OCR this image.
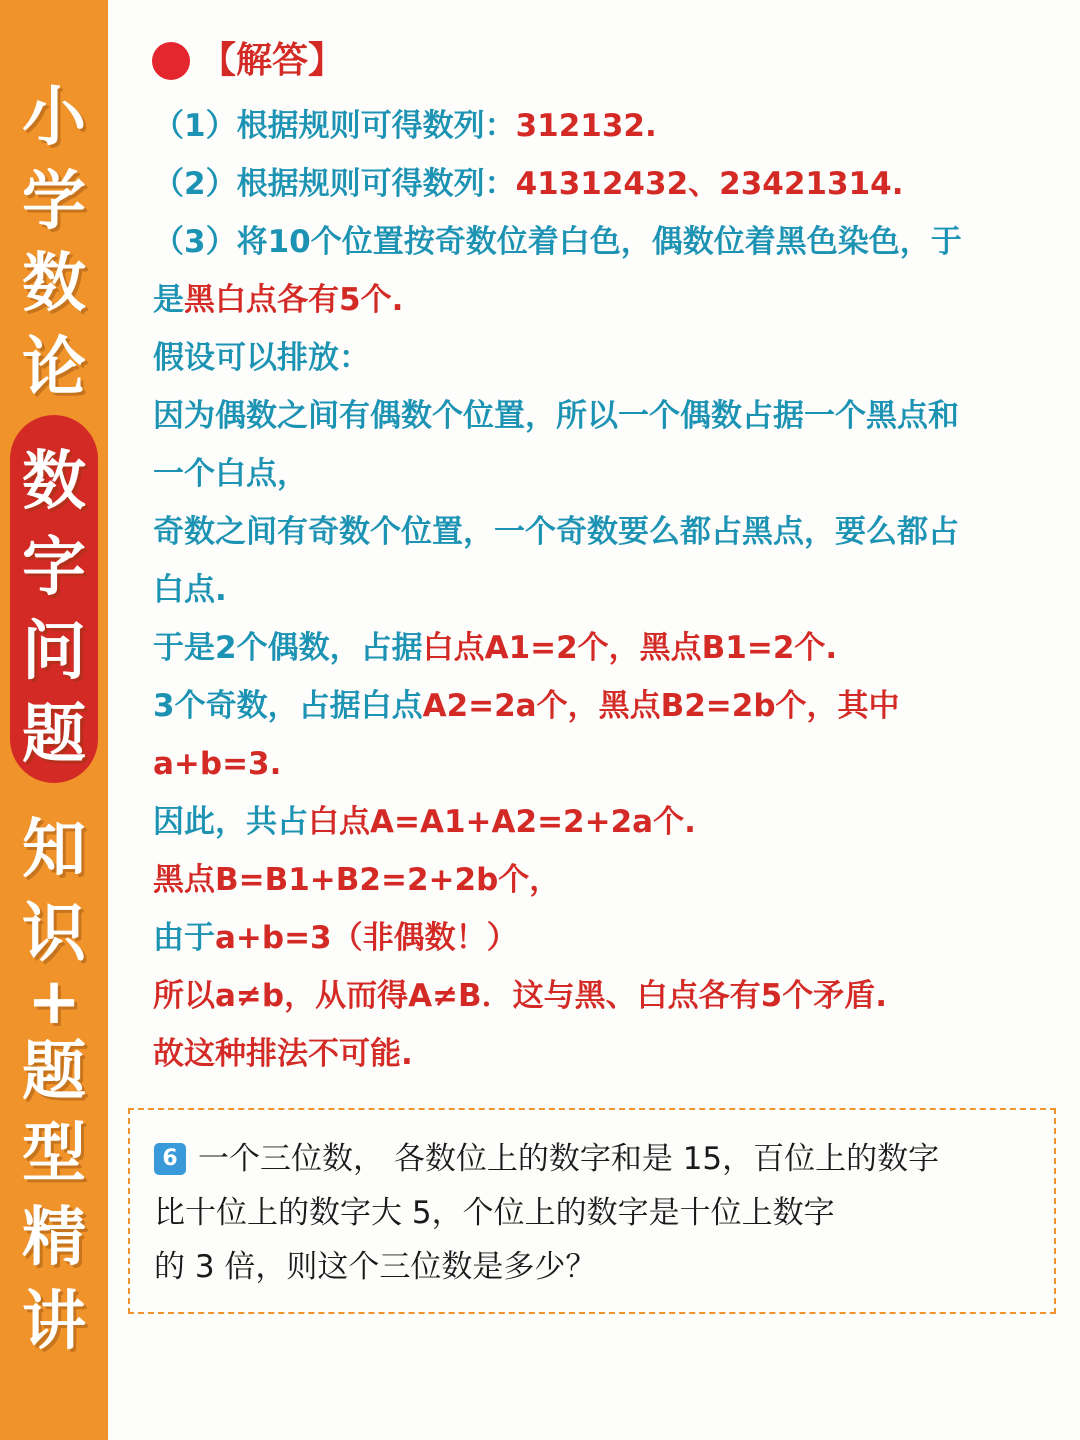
小
学
数
论
数
字
问
题
知
识
+
题
型
精
讲
【解答】
（1）根据规则可得数列：312132.
（2）根据规则可得数列：41312432、23421314.
（3）将10个位置按奇数位着白色，偶数位着黑色染色，于
是黑白点各有5个.
假设可以排放：
因为偶数之间有偶数个位置，所以一个偶数占据一个黑点和
一个白点，
奇数之间有奇数个位置，一个奇数要么都占黑点，要么都占
白点.
于是2个偶数，占据白点A1=2个，黑点B1=2个.
3个奇数，占据白点A2=2a个，黑点B2=2b个，其中
a+b=3.
因此，共占白点A=A1+A2=2+2a个.
黑点B=B1+B2=2+2b个，
由于a+b=3（非偶数！）
所以a≠b，从而得A≠B．这与黑、白点各有5个矛盾.
故这种排法不可能.
6 一个三位数， 各数位上的数字和是 15，百位上的数字
比十位上的数字大 5，个位上的数字是十位上数字
的 3 倍，则这个三位数是多少？
